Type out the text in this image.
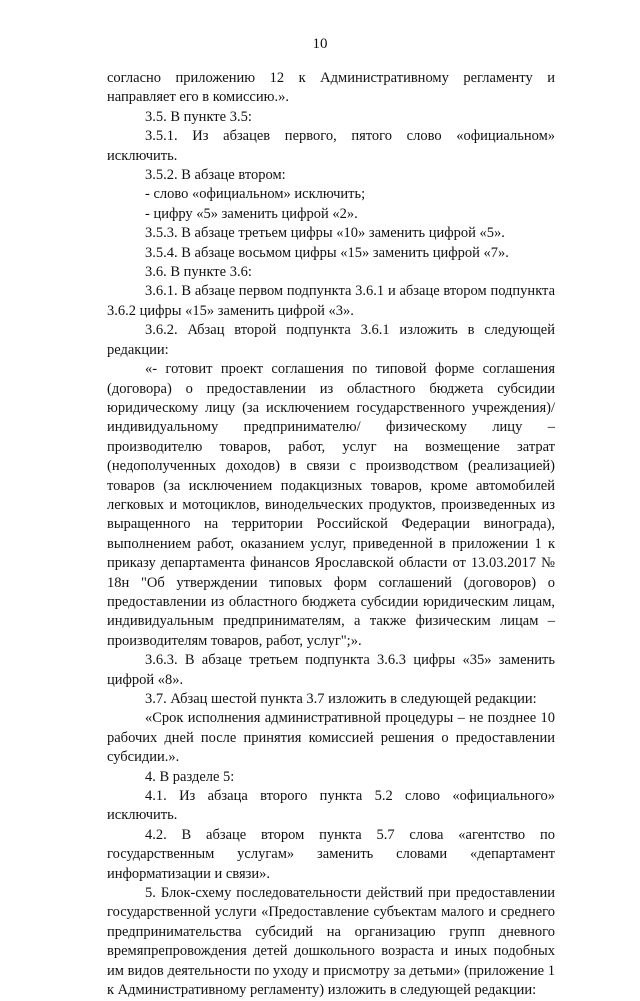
10

согласно приложению 12 к Административному регламенту и направляет его в комиссию.».

3.5. В пункте 3.5:

3.5.1. Из абзацев первого, пятого слово «официальном» исключить.

3.5.2. В абзаце втором:

- слово «официальном» исключить;

- цифру «5» заменить цифрой «2».

3.5.3. В абзаце третьем цифры «10» заменить цифрой «5».

3.5.4. В абзаце восьмом цифры «15» заменить цифрой «7».

3.6. В пункте 3.6:

3.6.1. В абзаце первом подпункта 3.6.1 и абзаце втором подпункта 3.6.2 цифры «15» заменить цифрой «3».

3.6.2. Абзац второй подпункта 3.6.1 изложить в следующей редакции:

«- готовит проект соглашения по типовой форме соглашения (договора) о предоставлении из областного бюджета субсидии юридическому лицу (за исключением государственного учреждения)/ индивидуальному предпринимателю/ физическому лицу – производителю товаров, работ, услуг на возмещение затрат (недополученных доходов) в связи с производством (реализацией) товаров (за исключением подакцизных товаров, кроме автомобилей легковых и мотоциклов, винодельческих продуктов, произведенных из выращенного на территории Российской Федерации винограда), выполнением работ, оказанием услуг, приведенной в приложении 1 к приказу департамента финансов Ярославской области от 13.03.2017 № 18н "Об утверждении типовых форм соглашений (договоров) о предоставлении из областного бюджета субсидии юридическим лицам, индивидуальным предпринимателям, а также физическим лицам – производителям товаров, работ, услуг";».

3.6.3. В абзаце третьем подпункта 3.6.3 цифры «35» заменить цифрой «8».

3.7. Абзац шестой пункта 3.7 изложить в следующей редакции:

«Срок исполнения административной процедуры – не позднее 10 рабочих дней после принятия комиссией решения о предоставлении субсидии.».

4. В разделе 5:

4.1. Из абзаца второго пункта 5.2 слово «официального» исключить.

4.2. В абзаце втором пункта 5.7 слова «агентство по государственным услугам» заменить словами «департамент информатизации и связи».

5. Блок-схему последовательности действий при предоставлении государственной услуги «Предоставление субъектам малого и среднего предпринимательства субсидий на организацию групп дневного времяпрепровождения детей дошкольного возраста и иных подобных им видов деятельности по уходу и присмотру за детьми» (приложение 1 к Административному регламенту) изложить в следующей редакции:
